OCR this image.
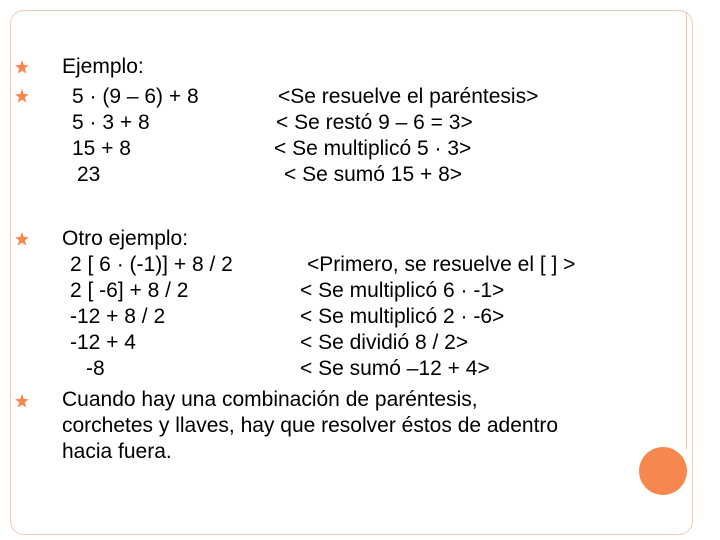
Ejemplo:
5 · (9 – 6) + 8
5 · 3 + 8
15 + 8
23
<Se resuelve el paréntesis>
< Se restó 9 – 6 = 3>
< Se multiplicó 5 · 3>
< Se sumó 15 + 8>
Otro ejemplo:
2 [ 6 · (-1)] + 8 / 2
2 [ -6] + 8 / 2
-12 + 8 / 2
-12 + 4
-8
<Primero, se resuelve el [ ] >
< Se multiplicó 6 · -1>
< Se multiplicó 2 · -6>
< Se dividió 8 / 2>
< Se sumó –12 + 4>
Cuando hay una combinación de paréntesis, corchetes y llaves, hay que resolver éstos de adentro hacia fuera.
